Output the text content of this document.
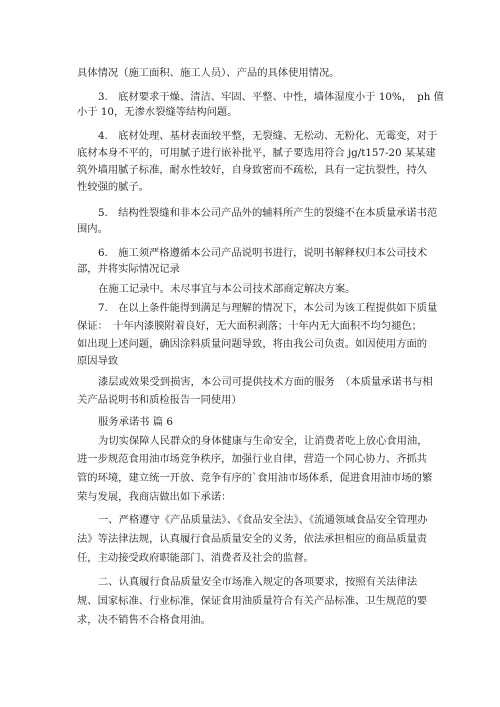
具体情况（施工面积、施工人员）、产品的具体使用情况。
3.　底材要求干燥、清洁、牢固、平整、中性，墙体湿度小于 10%，　ph 值
小于 10，无渗水裂缝等结构问题。
4.　底材处理、基材表面较平整，无裂缝、无松动、无粉化、无霉变，对于
底材本身不平的，可用腻子进行嵌补批平，腻子要选用符合 jg/t157-20 某某建
筑外墙用腻子标准，耐水性较好，自身致密而不疏松，具有一定抗裂性，持久
性较强的腻子。
5.　结构性裂缝和非本公司产品外的辅料所产生的裂缝不在本质量承诺书范
围内。
6.　施工须严格遵循本公司产品说明书进行，说明书解释权归本公司技术
部，并将实际情况记录
在施工记录中。未尽事宜与本公司技术部商定解决方案。
7.　在以上条件能得到满足与理解的情况下，本公司为该工程提供如下质量
保证：　十年内漆膜附着良好，无大面积剥落；十年内无大面积不均匀褪色；
如出现上述问题，确因涂料质量问题导致，将由我公司负责。如因使用方面的
原因导致
漆层或效果受到损害，本公司可提供技术方面的服务　（本质量承诺书与相
关产品说明书和质检报告一同使用）
服务承诺书 篇 6
为切实保障人民群众的身体健康与生命安全，让消费者吃上放心食用油，
进一步规范食用油市场竞争秩序，加强行业自律，营造一个同心协力、齐抓共
管的环境，建立统一开放、竞争有序的`食用油市场体系，促进食用油市场的繁
荣与发展，我商店做出如下承诺：
一、严格遵守《产品质量法》、《食品安全法》、《流通领域食品安全管理办
法》等法律法规，认真履行食品质量安全的义务，依法承担相应的商品质量责
任，主动接受政府职能部门、消费者及社会的监督。
二、认真履行食品质量安全市场准入规定的各项要求，按照有关法律法
规、国家标准、行业标准，保证食用油质量符合有关产品标准、卫生规范的要
求，决不销售不合格食用油。
